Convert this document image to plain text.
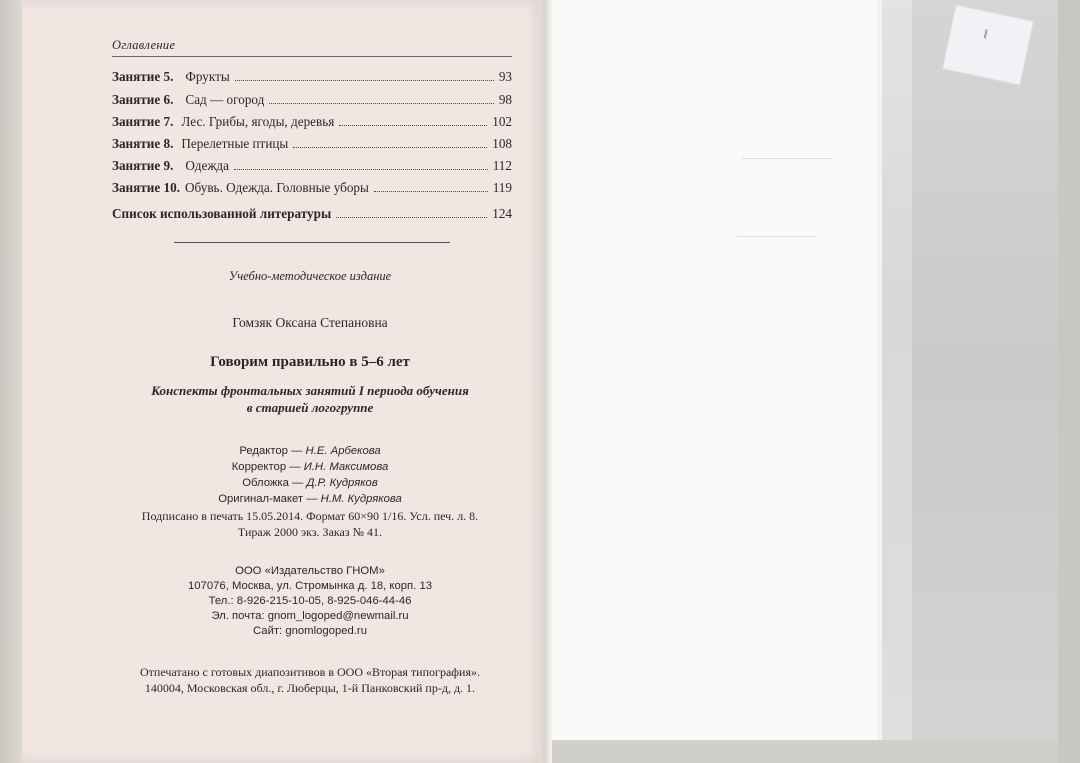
‖
Оглавление
Занятие 5. Фрукты	93
Занятие 6. Сад — огород	98
Занятие 7. Лес. Грибы, ягоды, деревья	102
Занятие 8. Перелетные птицы	108
Занятие 9. Одежда	112
Занятие 10. Обувь. Одежда. Головные уборы	119
Список использованной литературы	124
Учебно-методическое издание
Гомзяк Оксана Степановна
Говорим правильно в 5–6 лет
Конспекты фронтальных занятий I периода обучения
в старшей логогруппе
Редактор — Н.Е. Арбекова
Корректор — И.Н. Максимова
Обложка — Д.Р. Кудряков
Оригинал-макет — Н.М. Кудрякова
Подписано в печать 15.05.2014. Формат 60×90 1/16. Усл. печ. л. 8.
Тираж 2000 экз. Заказ № 41.
ООО «Издательство ГНОМ»
107076, Москва, ул. Стромынка д. 18, корп. 13
Тел.: 8-926-215-10-05, 8-925-046-44-46
Эл. почта: gnom_logoped@newmail.ru
Сайт: gnomlogoped.ru
Отпечатано с готовых диапозитивов в ООО «Вторая типография».
140004, Московская обл., г. Люберцы, 1-й Панковский пр-д, д. 1.
